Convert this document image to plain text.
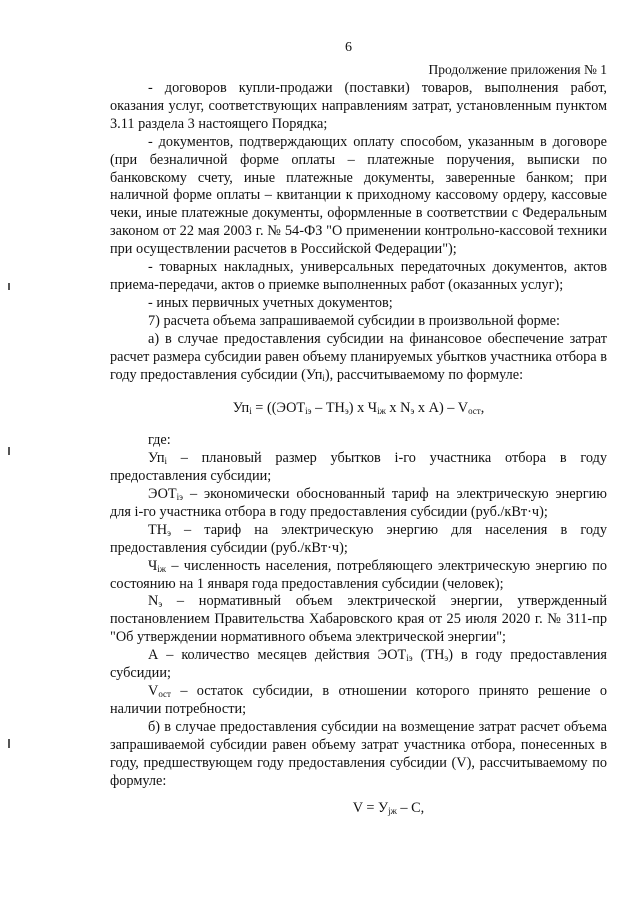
6
Продолжение приложения № 1

- договоров купли-продажи (поставки) товаров, выполнения работ, оказания услуг, соответствующих направлениям затрат, установленным пунктом 3.11 раздела 3 настоящего Порядка;

- документов, подтверждающих оплату способом, указанным в договоре (при безналичной форме оплаты – платежные поручения, выписки по банковскому счету, иные платежные документы, заверенные банком; при наличной форме оплаты – квитанции к приходному кассовому ордеру, кассовые чеки, иные платежные документы, оформленные в соответствии с Федеральным законом от 22 мая 2003 г. № 54-ФЗ "О применении контрольно-кассовой техники при осуществлении расчетов в Российской Федерации");

- товарных накладных, универсальных передаточных документов, актов приема-передачи, актов о приемке выполненных работ (оказанных услуг);

- иных первичных учетных документов;

7) расчета объема запрашиваемой субсидии в произвольной форме:

а) в случае предоставления субсидии на финансовое обеспечение затрат расчет размера субсидии равен объему планируемых убытков участника отбора в году предоставления субсидии $(Уп_i)$, рассчитываемому по формуле:

$Уп_i = ((ЭОТ_{iэ} - ТН_э)$ x $Ч_{iж}$ x $N_э$ x $А) - V_{ост}$,

где:

$Уп_i$ – плановый размер убытков i-го участника отбора в году предоставления субсидии;

$ЭОТ_{iэ}$ – экономически обоснованный тариф на электрическую энергию для i-го участника отбора в году предоставления субсидии (руб./кВт·ч);

$ТН_э$ – тариф на электрическую энергию для населения в году предоставления субсидии (руб./кВт·ч);

$Ч_{iж}$ – численность населения, потребляющего электрическую энергию по состоянию на 1 января года предоставления субсидии (человек);

$N_э$ – нормативный объем электрической энергии, утвержденный постановлением Правительства Хабаровского края от 25 июля 2020 г. № 311-пр "Об утверждении нормативного объема электрической энергии";

А – количество месяцев действия $ЭОТ_{iэ}$ $(ТН_э)$ в году предоставления субсидии;

$V_{ост}$ – остаток субсидии, в отношении которого принято решение о наличии потребности;

б) в случае предоставления субсидии на возмещение затрат расчет объема запрашиваемой субсидии равен объему затрат участника отбора, понесенных в году, предшествующем году предоставления субсидии (V), рассчитываемому по формуле:

$V = У_{jж} - С$,
